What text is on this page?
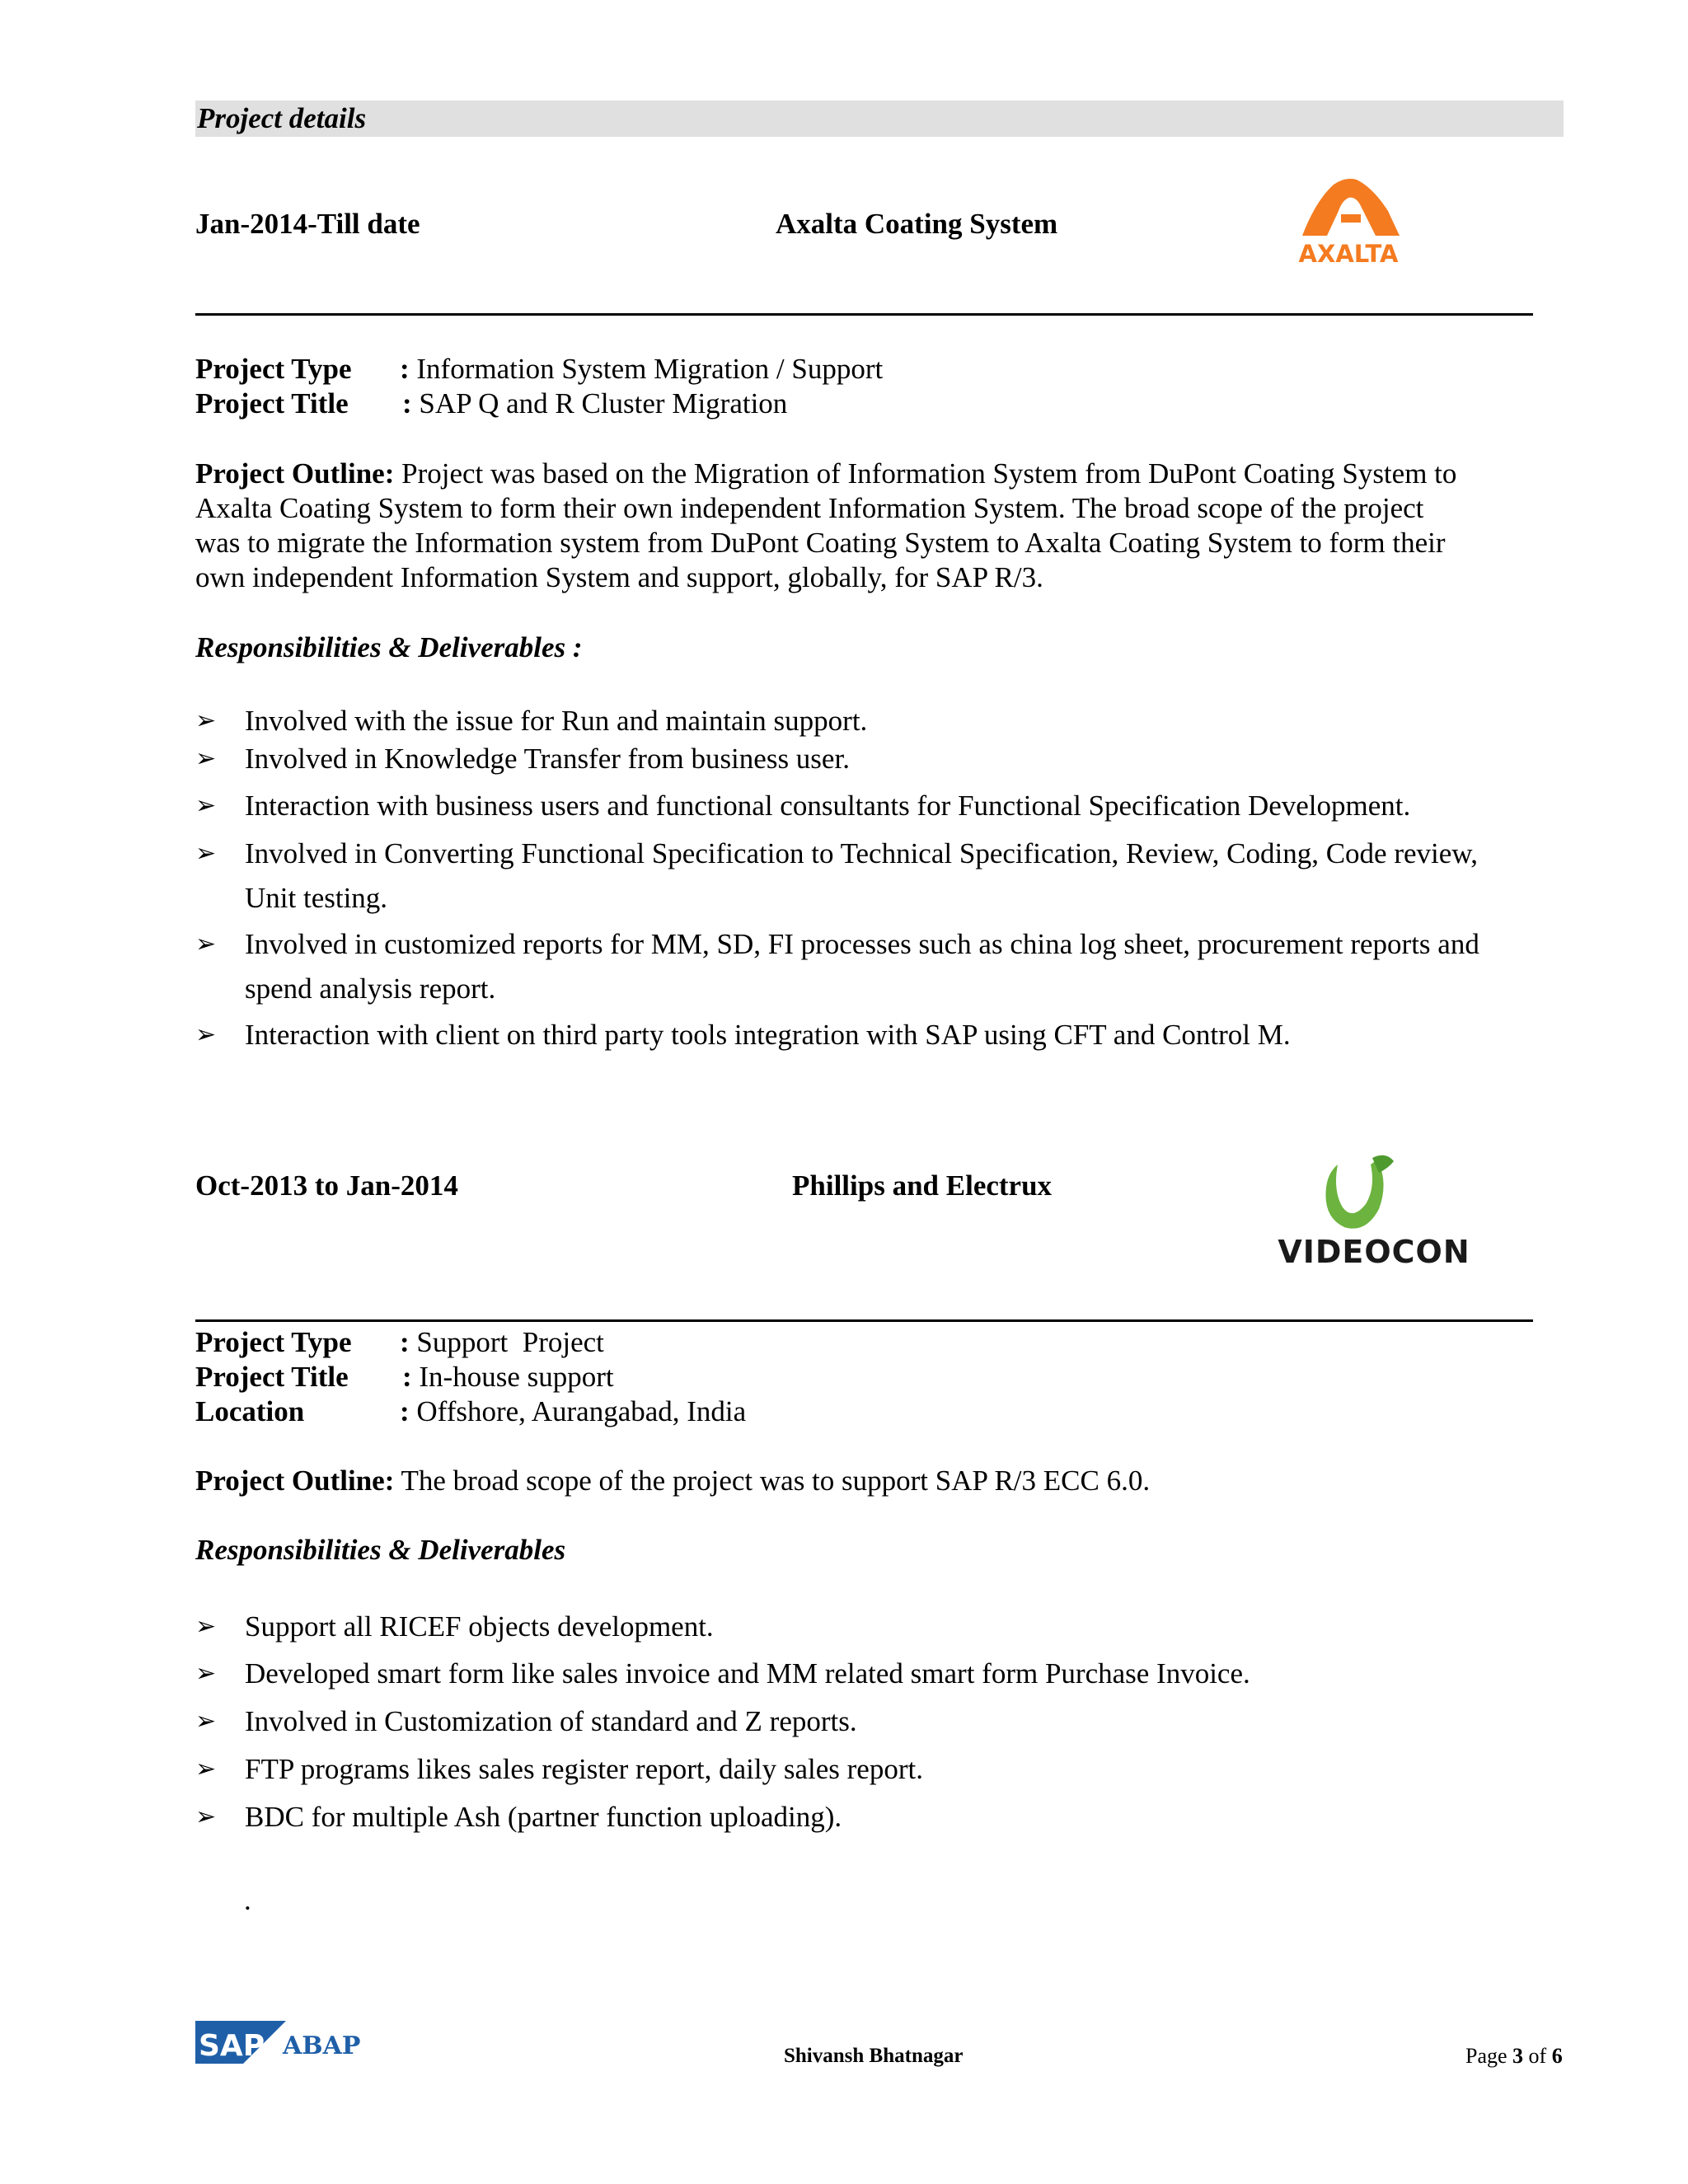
Project details
Jan-2014-Till date	Axalta Coating System
AXALTA
Project Type : Information System Migration / Support
Project Title : SAP Q and R Cluster Migration
Project Outline: Project was based on the Migration of Information System from DuPont Coating System to
Axalta Coating System to form their own independent Information System. The broad scope of the project
was to migrate the Information system from DuPont Coating System to Axalta Coating System to form their
own independent Information System and support, globally, for SAP R/3.
Responsibilities & Deliverables :
➢ Involved with the issue for Run and maintain support.
➢ Involved in Knowledge Transfer from business user.
➢ Interaction with business users and functional consultants for Functional Specification Development.
➢ Involved in Converting Functional Specification to Technical Specification, Review, Coding, Code review, Unit testing.
➢ Involved in customized reports for MM, SD, FI processes such as china log sheet, procurement reports and spend analysis report.
➢ Interaction with client on third party tools integration with SAP using CFT and Control M.
Oct-2013 to Jan-2014	Phillips and Electrux
VIDEOCON
Project Type : Support  Project
Project Title : In-house support
Location	: Offshore, Aurangabad, India
Project Outline: The broad scope of the project was to support SAP R/3 ECC 6.0.
Responsibilities & Deliverables
➢ Support all RICEF objects development.
➢ Developed smart form like sales invoice and MM related smart form Purchase Invoice.
➢ Involved in Customization of standard and Z reports.
➢ FTP programs likes sales register report, daily sales report.
➢ BDC for multiple Ash (partner function uploading).
.
SAP ABAP	Shivansh Bhatnagar	Page 3 of 6
